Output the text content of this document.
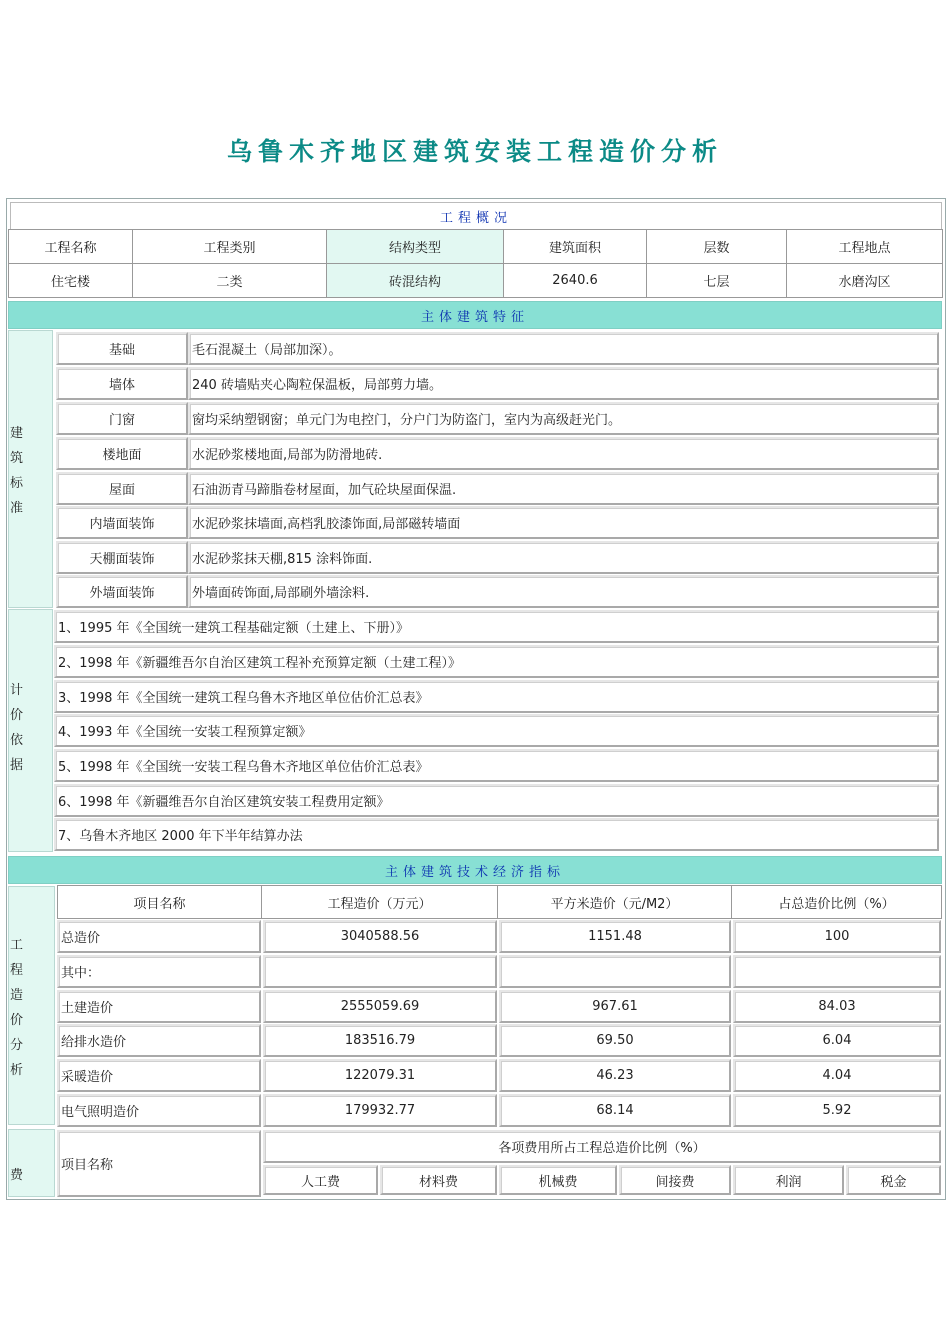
乌鲁木齐地区建筑安装工程造价分析
工程概况
工程名称	工程类别	结构类型	建筑面积	层数	工程地点
住宅楼	二类	砖混结构	2640.6	七层	水磨沟区
主体建筑特征
建
筑
标
准
基础	毛石混凝土（局部加深）。
墙体	240 砖墙贴夹心陶粒保温板，局部剪力墙。
门窗	窗均采纳塑钢窗；单元门为电控门，分户门为防盗门，室内为高级赶光门。
楼地面	水泥砂浆楼地面,局部为防滑地砖.
屋面	石油沥青马蹄脂卷材屋面，加气砼块屋面保温.
内墙面装饰	水泥砂浆抹墙面,高档乳胶漆饰面,局部磁转墙面
天棚面装饰	水泥砂浆抹天棚,815 涂料饰面.
外墙面装饰	外墙面砖饰面,局部刷外墙涂料.
计
价
依
据
1、1995 年《全国统一建筑工程基础定额（土建上、下册）》
2、1998 年《新疆维吾尔自治区建筑工程补充预算定额（土建工程）》
3、1998 年《全国统一建筑工程乌鲁木齐地区单位估价汇总表》
4、1993 年《全国统一安装工程预算定额》
5、1998 年《全国统一安装工程乌鲁木齐地区单位估价汇总表》
6、1998 年《新疆维吾尔自治区建筑安装工程费用定额》
7、乌鲁木齐地区 2000 年下半年结算办法
主体建筑技术经济指标
工
程
造
价
分
析
项目名称	工程造价（万元）	平方米造价（元/M2）	占总造价比例（%）
总造价	3040588.56	1151.48	100
其中：
土建造价	2555059.69	967.61	84.03
给排水造价	183516.79	69.50	6.04
采暖造价	122079.31	46.23	4.04
电气照明造价	179932.77	68.14	5.92
费
项目名称
各项费用所占工程总造价比例（%）
人工费	材料费	机械费	间接费	利润	税金
